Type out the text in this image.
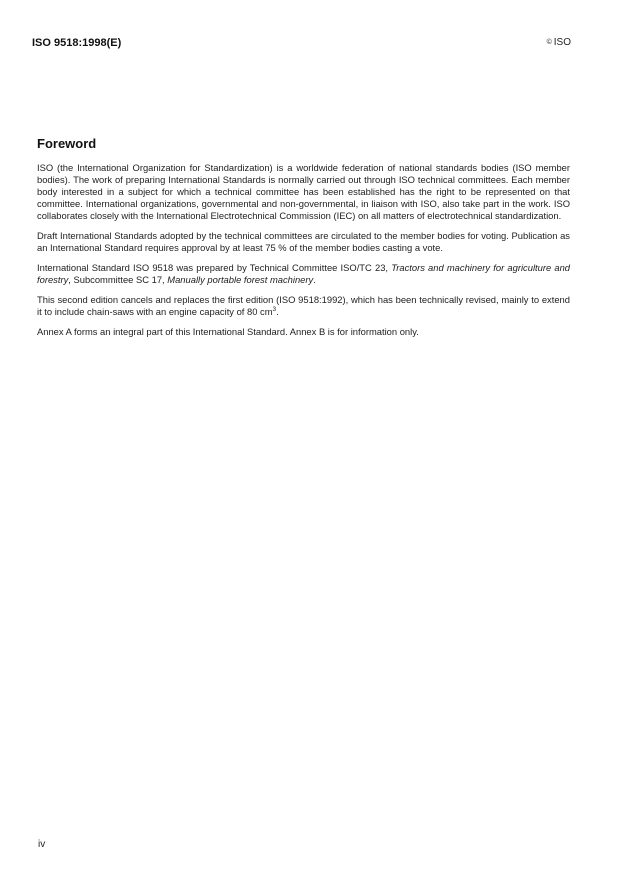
ISO 9518:1998(E)	© ISO
Foreword

ISO (the International Organization for Standardization) is a worldwide federation of national standards bodies (ISO member bodies). The work of preparing International Standards is normally carried out through ISO technical committees. Each member body interested in a subject for which a technical committee has been established has the right to be represented on that committee. International organizations, governmental and non-governmental, in liaison with ISO, also take part in the work. ISO collaborates closely with the International Electrotechnical Commission (IEC) on all matters of electrotechnical standardization.

Draft International Standards adopted by the technical committees are circulated to the member bodies for voting. Publication as an International Standard requires approval by at least 75 % of the member bodies casting a vote.

International Standard ISO 9518 was prepared by Technical Committee ISO/TC 23, Tractors and machinery for agriculture and forestry, Subcommittee SC 17, Manually portable forest machinery.

This second edition cancels and replaces the first edition (ISO 9518:1992), which has been technically revised, mainly to extend it to include chain-saws with an engine capacity of 80 $cm^3$.

Annex A forms an integral part of this International Standard. Annex B is for information only.

iv
